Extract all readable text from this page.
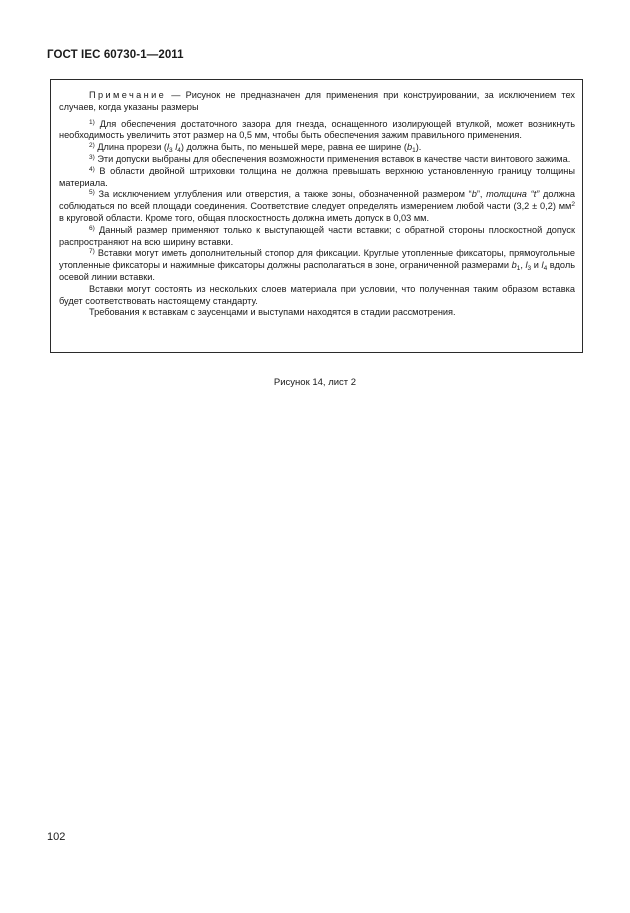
ГОСТ IEC 60730-1—2011

Примечание — Рисунок не предназначен для применения при конструировании, за исключением тех случаев, когда указаны размеры

$^{1)}$ Для обеспечения достаточного зазора для гнезда, оснащенного изолирующей втулкой, может возникнуть необходимость увеличить этот размер на 0,5 мм, чтобы быть обеспечения зажим правильного применения.

$^{2)}$ Длина прорези ($l_3$ $l_4$) должна быть, по меньшей мере, равна ее ширине $(b_1)$.

$^{3)}$ Эти допуски выбраны для обеспечения возможности применения вставок в качестве части винтового зажима.

$^{4)}$ В области двойной штриховки толщина не должна превышать верхнюю установленную границу толщины материала.

$^{5)}$ За исключением углубления или отверстия, а также зоны, обозначенной размером “b”, толщина “t” должна соблюдаться по всей площади соединения. Соответствие следует определять измерением любой части (3,2 ± 0,2) $мм^2$ в круговой области. Кроме того, общая плоскостность должна иметь допуск в 0,03 мм.

$^{6)}$ Данный размер применяют только к выступающей части вставки; с обратной стороны плоскостной допуск распространяют на всю ширину вставки.

$^{7)}$ Вставки могут иметь дополнительный стопор для фиксации. Круглые утопленные фиксаторы, прямоугольные утопленные фиксаторы и нажимные фиксаторы должны располагаться в зоне, ограниченной размерами $b_1$, $l_3$ и $l_4$ вдоль осевой линии вставки.

Вставки могут состоять из нескольких слоев материала при условии, что полученная таким образом вставка будет соответствовать настоящему стандарту.

Требования к вставкам с заусенцами и выступами находятся в стадии рассмотрения.

Рисунок 14, лист 2
102
